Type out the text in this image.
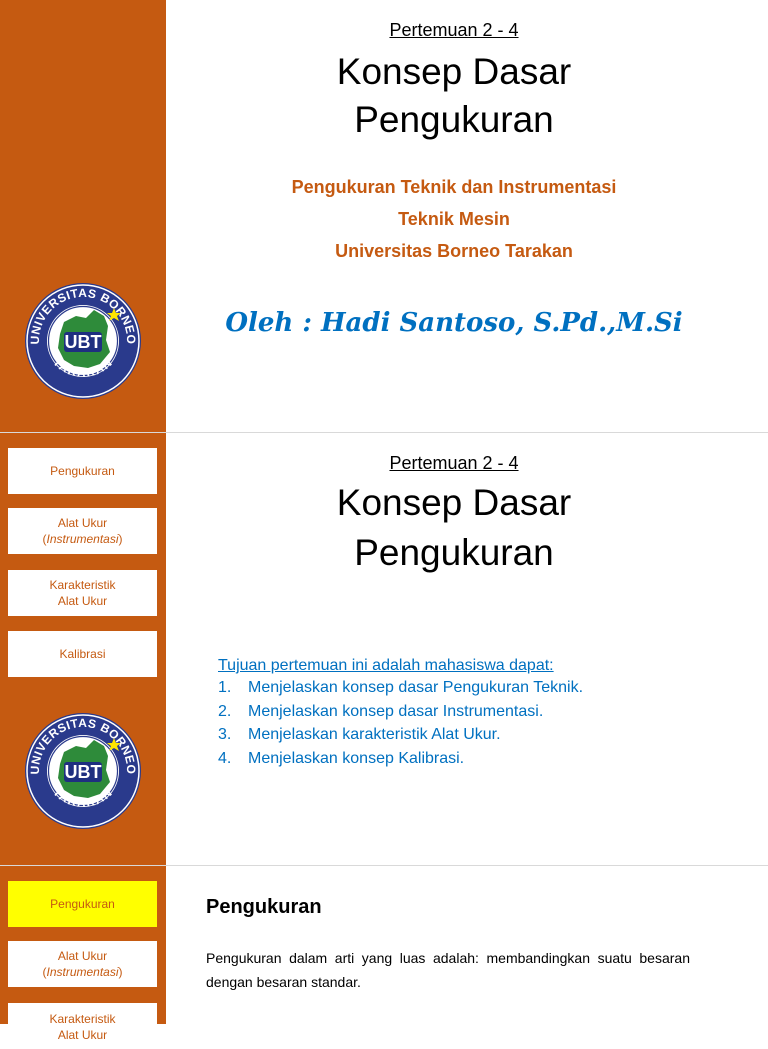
UNIVERSITAS BORNEO
TARAKAN
UBT
Pertemuan 2 - 4
Konsep Dasar
Pengukuran
Pengukuran Teknik dan Instrumentasi
Teknik Mesin
Universitas Borneo Tarakan
Oleh : Hadi Santoso, S.Pd.,M.Si
Pengukuran
Alat Ukur
(Instrumentasi)
Karakteristik
Alat Ukur
Kalibrasi
UNIVERSITAS BORNEO
TARAKAN
UBT
Pertemuan 2 - 4
Konsep Dasar
Pengukuran
Tujuan pertemuan ini adalah mahasiswa dapat:
1. Menjelaskan konsep dasar Pengukuran Teknik.
2. Menjelaskan konsep dasar Instrumentasi.
3. Menjelaskan karakteristik Alat Ukur.
4. Menjelaskan konsep Kalibrasi.
Pengukuran
Alat Ukur
(Instrumentasi)
Karakteristik
Alat Ukur
Pengukuran
Pengukuran dalam arti yang luas adalah: membandingkan suatu besaran dengan besaran standar.
